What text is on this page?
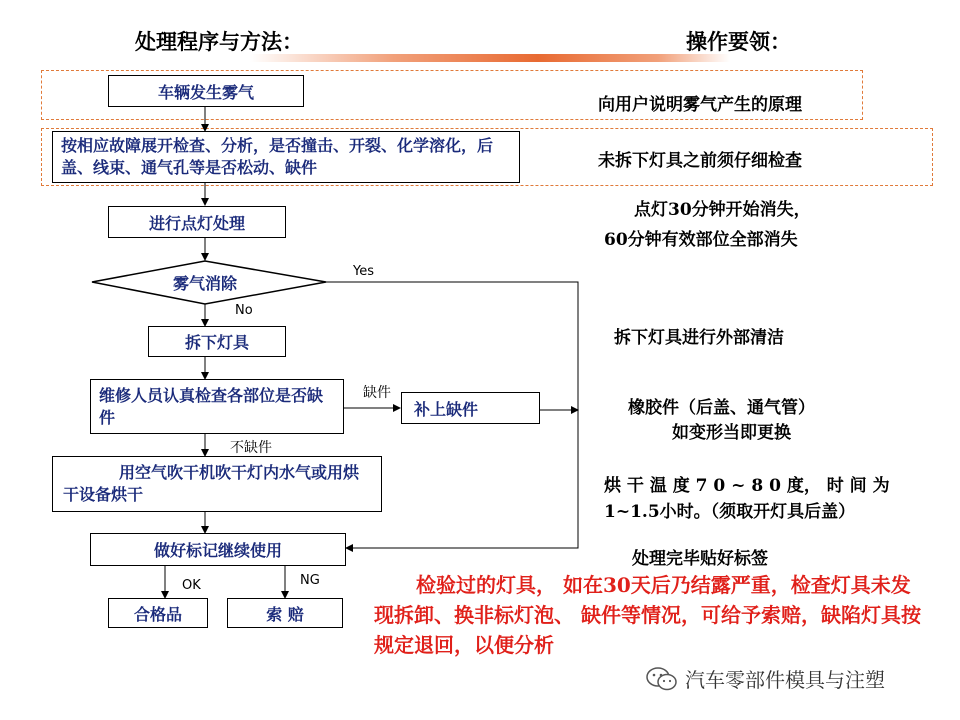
处理程序与方法：	操作要领：
车辆发生雾气
按相应故障展开检查、分析，是否撞击、开裂、化学溶化，后盖、线束、通气孔等是否松动、缺件
进行点灯处理
雾气消除
拆下灯具
维修人员认真检查各部位是否缺件	补上缺件
用空气吹干机吹干灯内水气或用烘干设备烘干
做好标记继续使用
合格品	索 赔
Yes
No
缺件
不缺件
OK	NG
向用户说明雾气产生的原理
未拆下灯具之前须仔细检查
点灯30分钟开始消失，
60分钟有效部位全部消失
拆下灯具进行外部清洁
橡胶件（后盖、通气管）
如变形当即更换
烘 干 温 度 7 0 ~ 8 0 度， 时 间 为
1~1.5小时。（须取开灯具后盖）
处理完毕贴好标签
检验过的灯具， 如在30天后乃结露严重，检查灯具未发现拆卸、换非标灯泡、 缺件等情况，可给予索赔，缺陷灯具按规定退回，以便分析
汽车零部件模具与注塑
